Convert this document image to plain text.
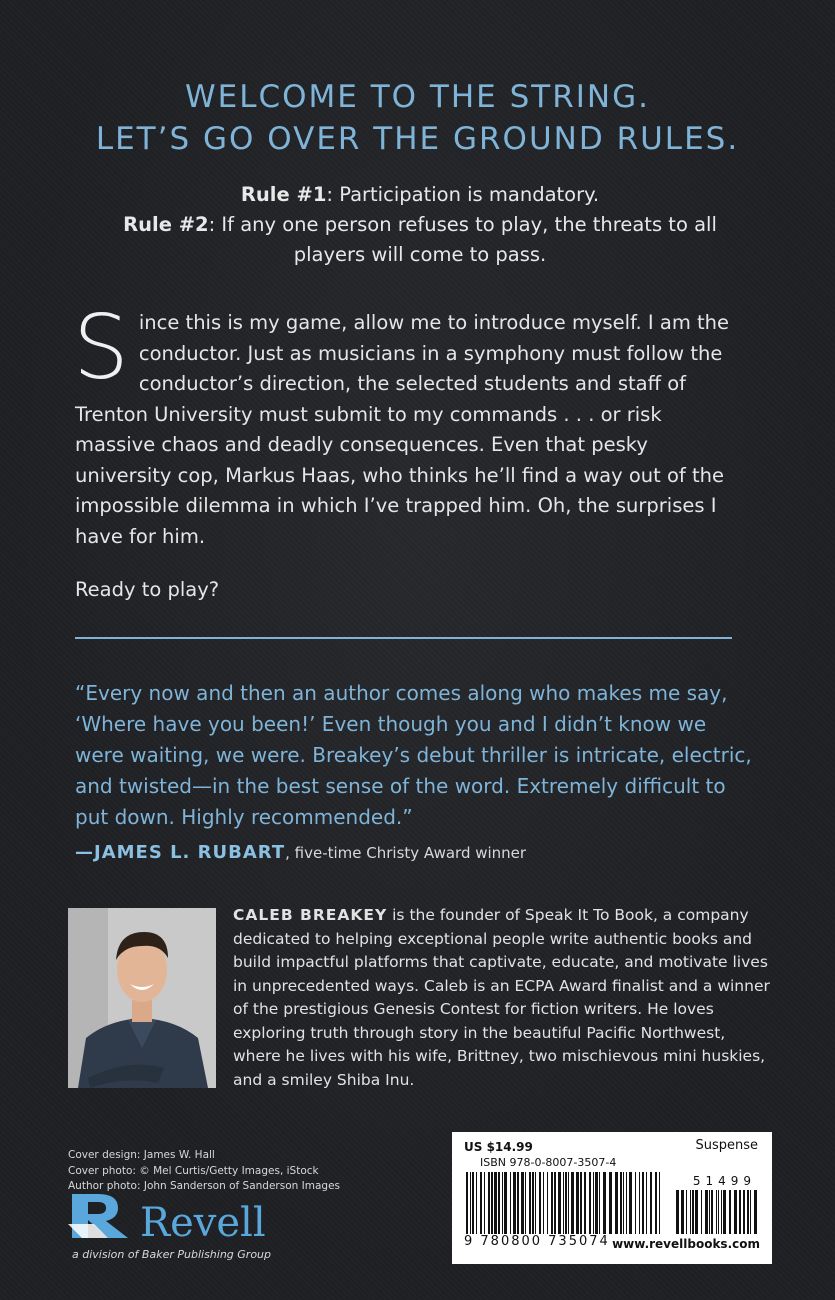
WELCOME TO THE STRING.
LET’S GO OVER THE GROUND RULES.
Rule #1: Participation is mandatory.
Rule #2: If any one person refuses to play, the threats to all players will come to pass.
Since this is my game, allow me to introduce myself. I am the conductor. Just as musicians in a symphony must follow the conductor’s direction, the selected students and staff of Trenton University must submit to my commands . . . or risk massive chaos and deadly consequences. Even that pesky university cop, Markus Haas, who thinks he’ll find a way out of the impossible dilemma in which I’ve trapped him. Oh, the surprises I have for him.
Ready to play?
“Every now and then an author comes along who makes me say, ‘Where have you been!’ Even though you and I didn’t know we were waiting, we were. Breakey’s debut thriller is intricate, electric, and twisted—in the best sense of the word. Extremely difficult to put down. Highly recommended.”
—JAMES L. RUBART, five-time Christy Award winner
CALEB BREAKEY is the founder of Speak It To Book, a company dedicated to helping exceptional people write authentic books and build impactful platforms that captivate, educate, and motivate lives in unprecedented ways. Caleb is an ECPA Award finalist and a winner of the prestigious Genesis Contest for fiction writers. He loves exploring truth through story in the beautiful Pacific Northwest, where he lives with his wife, Brittney, two mischievous mini huskies, and a smiley Shiba Inu.
Cover design: James W. Hall
Cover photo: © Mel Curtis/Getty Images, iStock
Author photo: John Sanderson of Sanderson Images
Revell
a division of Baker Publishing Group
US $14.99	Suspense
ISBN 978-0-8007-3507-4
51499
9 780800 735074 www.revellbooks.com
